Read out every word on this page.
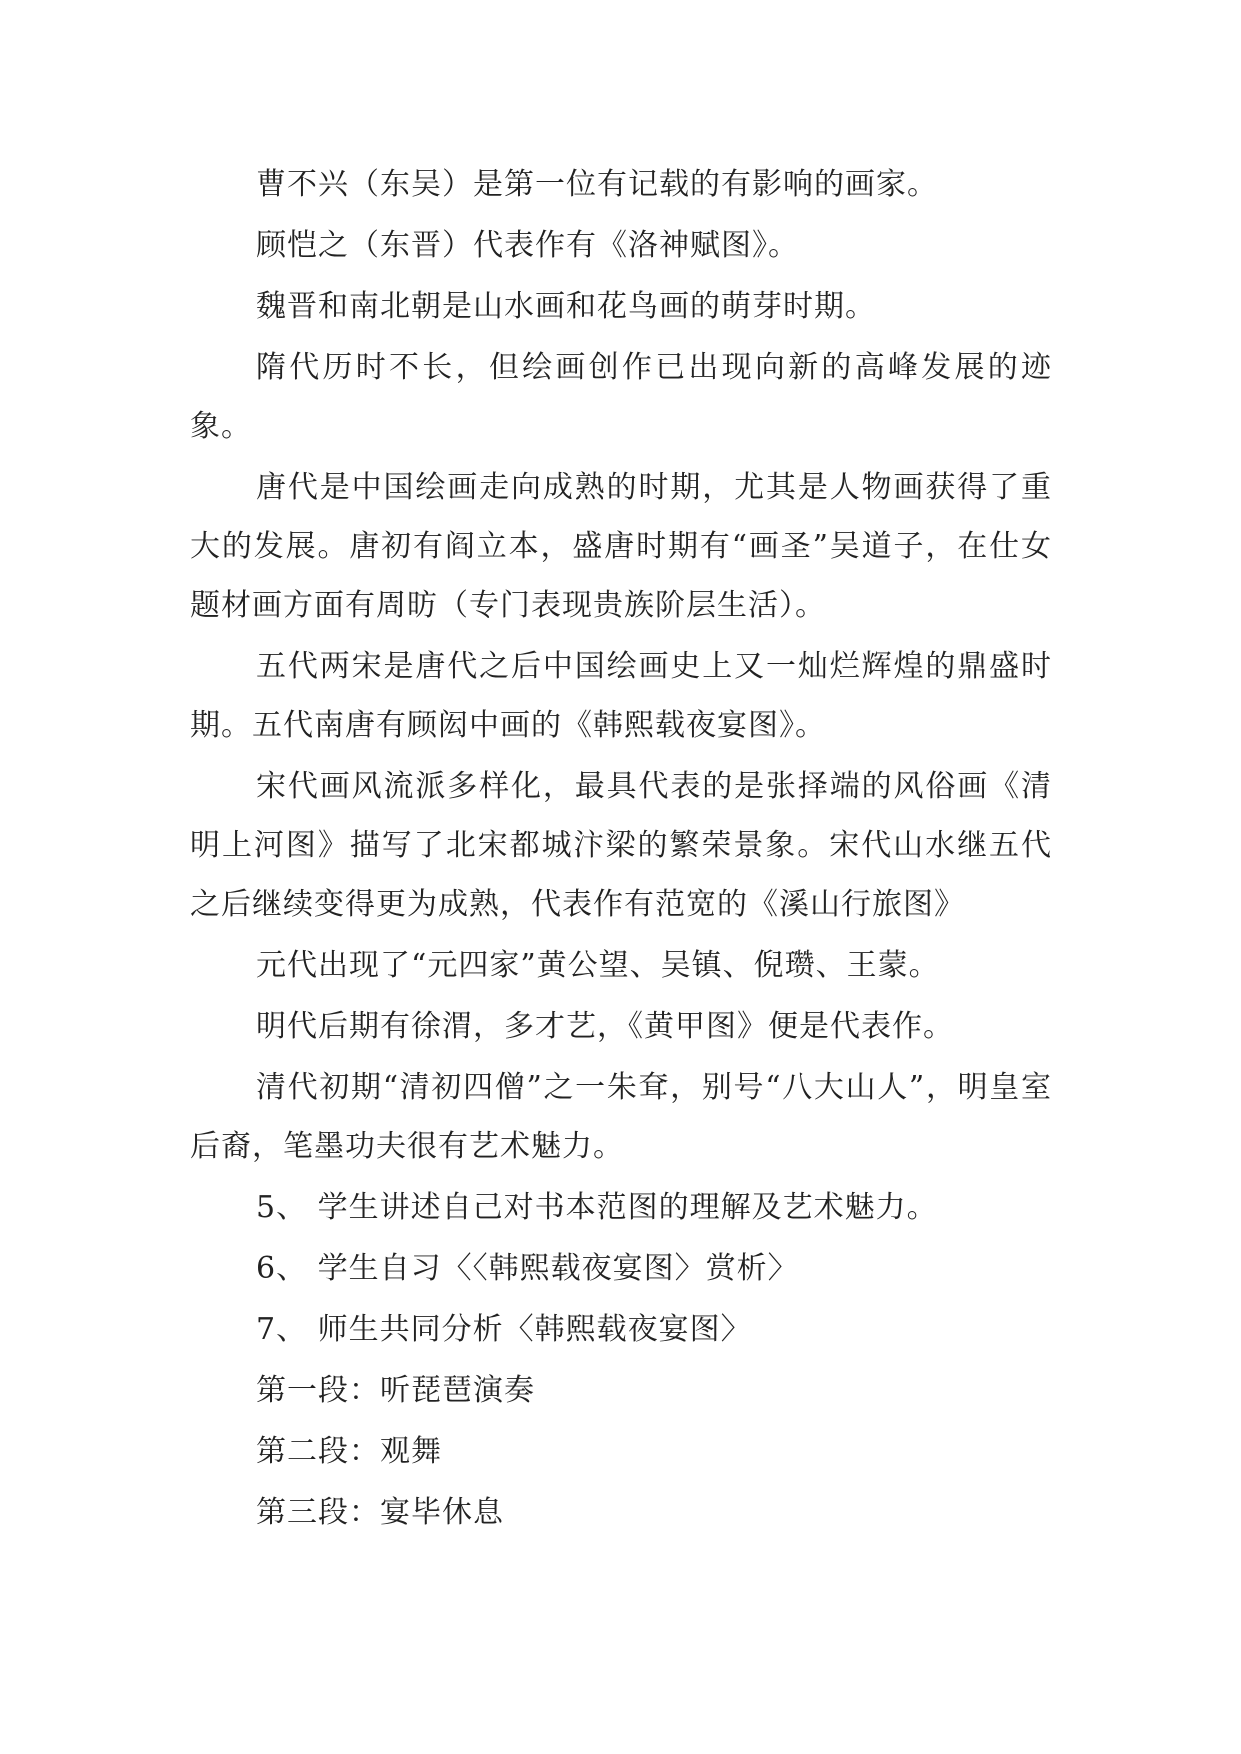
曹不兴（东吴）是第一位有记载的有影响的画家。

顾恺之（东晋）代表作有《洛神赋图》。

魏晋和南北朝是山水画和花鸟画的萌芽时期。

隋代历时不长，但绘画创作已出现向新的高峰发展的迹象。

唐代是中国绘画走向成熟的时期，尤其是人物画获得了重大的发展。唐初有阎立本，盛唐时期有“画圣”吴道子，在仕女题材画方面有周昉（专门表现贵族阶层生活）。

五代两宋是唐代之后中国绘画史上又一灿烂辉煌的鼎盛时期。五代南唐有顾闳中画的《韩熙载夜宴图》。

宋代画风流派多样化，最具代表的是张择端的风俗画《清明上河图》描写了北宋都城汴梁的繁荣景象。宋代山水继五代之后继续变得更为成熟，代表作有范宽的《溪山行旅图》

元代出现了“元四家”黄公望、吴镇、倪瓒、王蒙。

明代后期有徐渭，多才艺，《黄甲图》便是代表作。

清代初期“清初四僧”之一朱耷，别号“八大山人”，明皇室后裔，笔墨功夫很有艺术魅力。

5、 学生讲述自己对书本范图的理解及艺术魅力。

6、 学生自习〈〈韩熙载夜宴图〉赏析〉

7、 师生共同分析〈韩熙载夜宴图〉

第一段：听琵琶演奏

第二段：观舞

第三段：宴毕休息
